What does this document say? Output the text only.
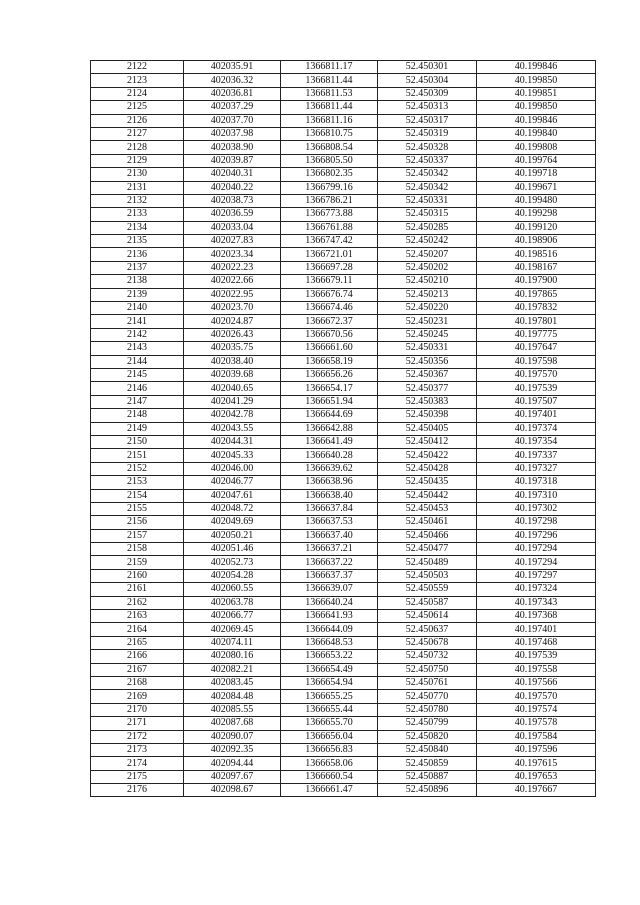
2122	402035.91	1366811.17	52.450301	40.199846
2123	402036.32	1366811.44	52.450304	40.199850
2124	402036.81	1366811.53	52.450309	40.199851
2125	402037.29	1366811.44	52.450313	40.199850
2126	402037.70	1366811.16	52.450317	40.199846
2127	402037.98	1366810.75	52.450319	40.199840
2128	402038.90	1366808.54	52.450328	40.199808
2129	402039.87	1366805.50	52.450337	40.199764
2130	402040.31	1366802.35	52.450342	40.199718
2131	402040.22	1366799.16	52.450342	40.199671
2132	402038.73	1366786.21	52.450331	40.199480
2133	402036.59	1366773.88	52.450315	40.199298
2134	402033.04	1366761.88	52.450285	40.199120
2135	402027.83	1366747.42	52.450242	40.198906
2136	402023.34	1366721.01	52.450207	40.198516
2137	402022.23	1366697.28	52.450202	40.198167
2138	402022.66	1366679.11	52.450210	40.197900
2139	402022.95	1366676.74	52.450213	40.197865
2140	402023.70	1366674.46	52.450220	40.197832
2141	402024.87	1366672.37	52.450231	40.197801
2142	402026.43	1366670.56	52.450245	40.197775
2143	402035.75	1366661.60	52.450331	40.197647
2144	402038.40	1366658.19	52.450356	40.197598
2145	402039.68	1366656.26	52.450367	40.197570
2146	402040.65	1366654.17	52.450377	40.197539
2147	402041.29	1366651.94	52.450383	40.197507
2148	402042.78	1366644.69	52.450398	40.197401
2149	402043.55	1366642.88	52.450405	40.197374
2150	402044.31	1366641.49	52.450412	40.197354
2151	402045.33	1366640.28	52.450422	40.197337
2152	402046.00	1366639.62	52.450428	40.197327
2153	402046.77	1366638.96	52.450435	40.197318
2154	402047.61	1366638.40	52.450442	40.197310
2155	402048.72	1366637.84	52.450453	40.197302
2156	402049.69	1366637.53	52.450461	40.197298
2157	402050.21	1366637.40	52.450466	40.197296
2158	402051.46	1366637.21	52.450477	40.197294
2159	402052.73	1366637.22	52.450489	40.197294
2160	402054.28	1366637.37	52.450503	40.197297
2161	402060.55	1366639.07	52.450559	40.197324
2162	402063.78	1366640.24	52.450587	40.197343
2163	402066.77	1366641.93	52.450614	40.197368
2164	402069.45	1366644.09	52.450637	40.197401
2165	402074.11	1366648.53	52.450678	40.197468
2166	402080.16	1366653.22	52.450732	40.197539
2167	402082.21	1366654.49	52.450750	40.197558
2168	402083.45	1366654.94	52.450761	40.197566
2169	402084.48	1366655.25	52.450770	40.197570
2170	402085.55	1366655.44	52.450780	40.197574
2171	402087.68	1366655.70	52.450799	40.197578
2172	402090.07	1366656.04	52.450820	40.197584
2173	402092.35	1366656.83	52.450840	40.197596
2174	402094.44	1366658.06	52.450859	40.197615
2175	402097.67	1366660.54	52.450887	40.197653
2176	402098.67	1366661.47	52.450896	40.197667
